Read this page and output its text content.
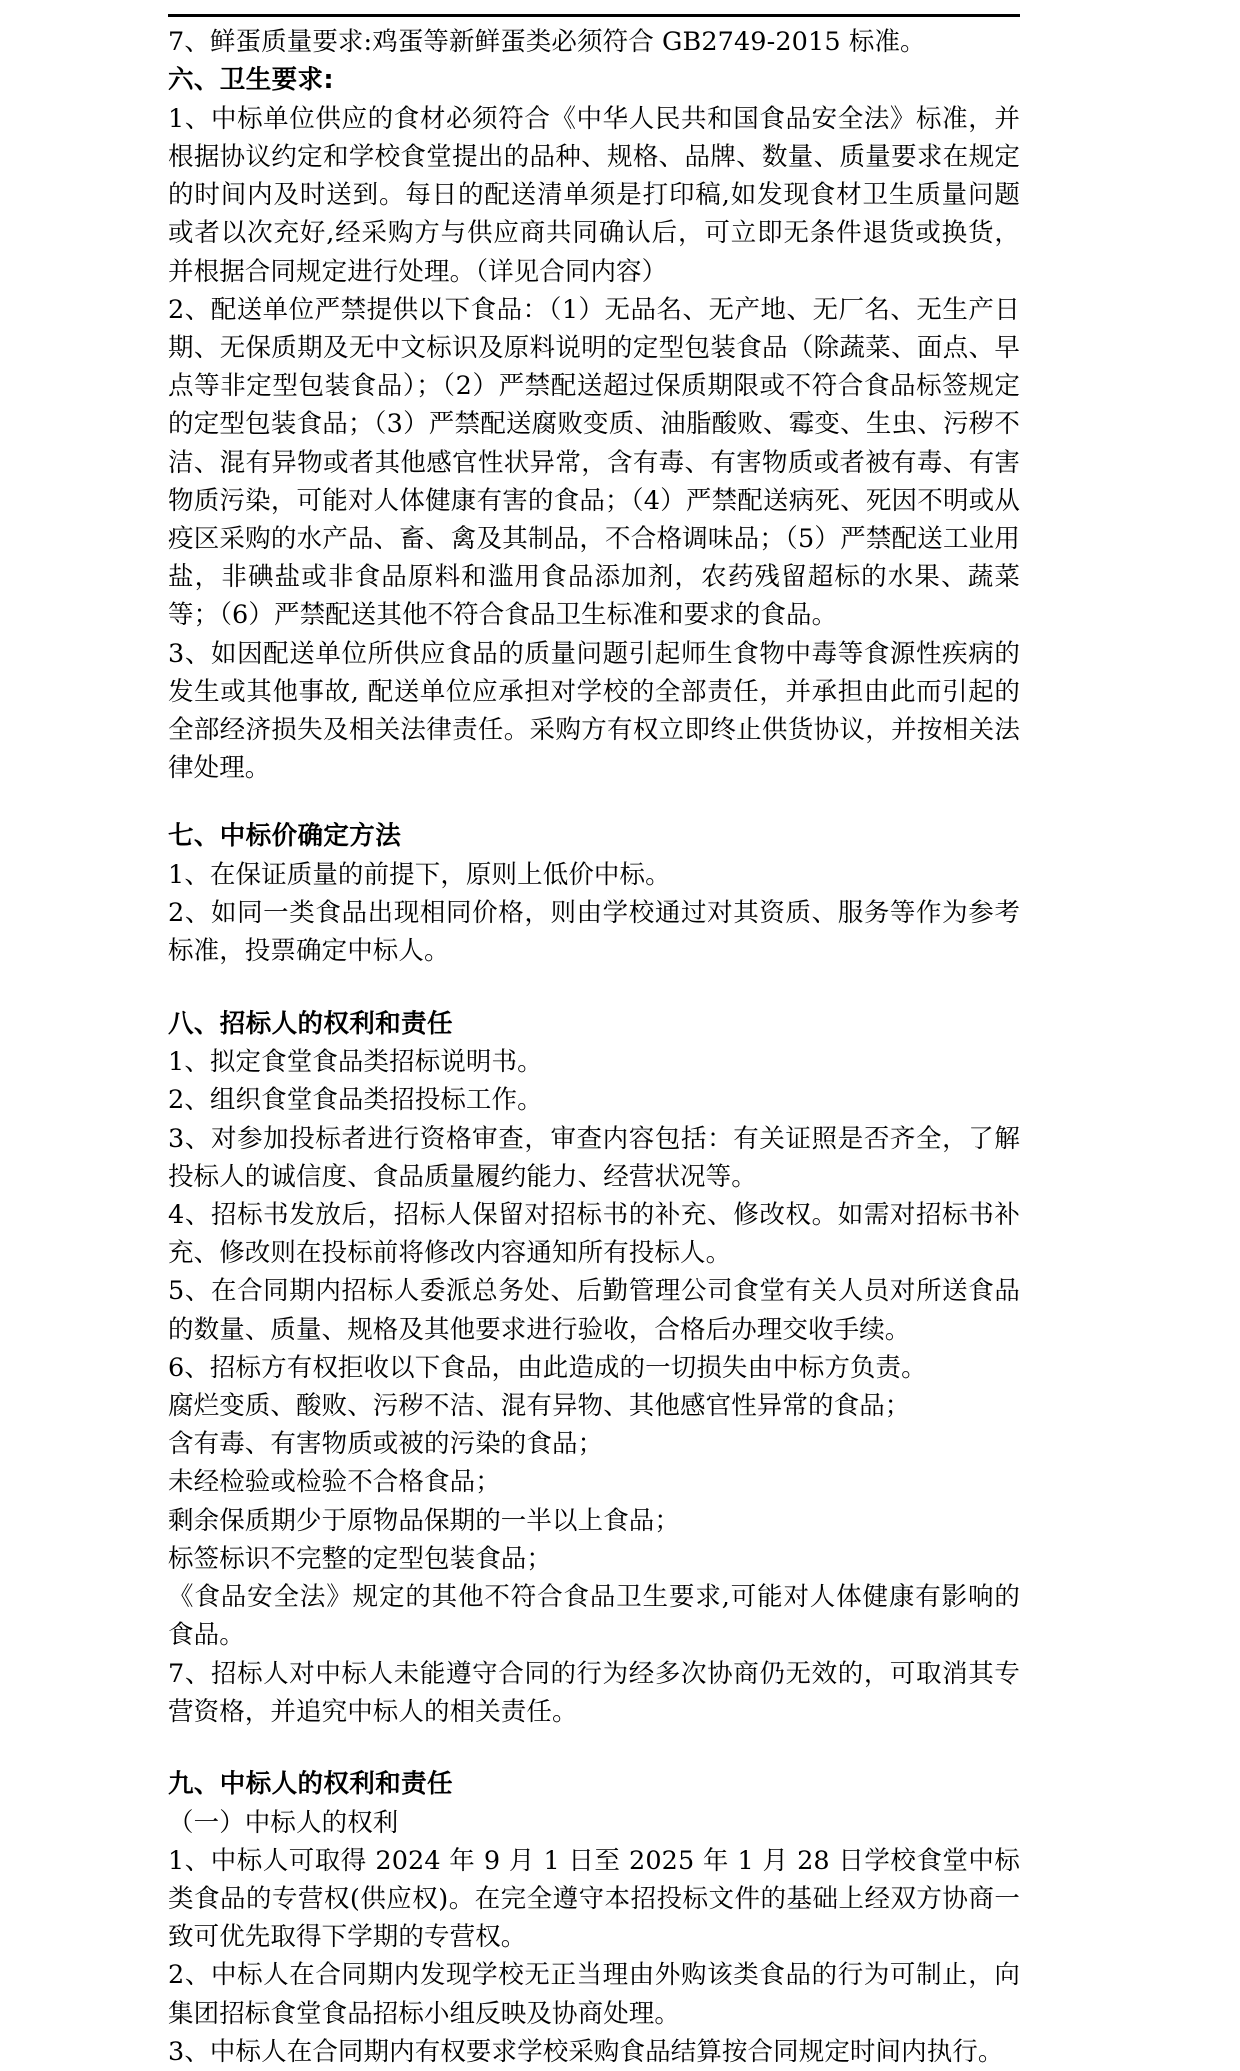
7、鲜蛋质量要求:鸡蛋等新鲜蛋类必须符合 GB2749-2015 标准。

六、卫生要求:

1、中标单位供应的食材必须符合《中华人民共和国食品安全法》标准，并根据协议约定和学校食堂提出的品种、规格、品牌、数量、质量要求在规定的时间内及时送到。每日的配送清单须是打印稿,如发现食材卫生质量问题或者以次充好,经采购方与供应商共同确认后，可立即无条件退货或换货，并根据合同规定进行处理。（详见合同内容）

2、配送单位严禁提供以下食品：（1）无品名、无产地、无厂名、无生产日期、无保质期及无中文标识及原料说明的定型包装食品（除蔬菜、面点、早点等非定型包装食品）；（2）严禁配送超过保质期限或不符合食品标签规定的定型包装食品；（3）严禁配送腐败变质、油脂酸败、霉变、生虫、污秽不洁、混有异物或者其他感官性状异常，含有毒、有害物质或者被有毒、有害物质污染，可能对人体健康有害的食品；（4）严禁配送病死、死因不明或从疫区采购的水产品、畜、禽及其制品，不合格调味品；（5）严禁配送工业用盐，非碘盐或非食品原料和滥用食品添加剂，农药残留超标的水果、蔬菜等；（6）严禁配送其他不符合食品卫生标准和要求的食品。

3、如因配送单位所供应食品的质量问题引起师生食物中毒等食源性疾病的发生或其他事故, 配送单位应承担对学校的全部责任，并承担由此而引起的全部经济损失及相关法律责任。采购方有权立即终止供货协议，并按相关法律处理。

七、中标价确定方法

1、在保证质量的前提下，原则上低价中标。

2、如同一类食品出现相同价格，则由学校通过对其资质、服务等作为参考标准，投票确定中标人。

八、招标人的权利和责任

1、拟定食堂食品类招标说明书。

2、组织食堂食品类招投标工作。

3、对参加投标者进行资格审查，审查内容包括：有关证照是否齐全，了解投标人的诚信度、食品质量履约能力、经营状况等。

4、招标书发放后，招标人保留对招标书的补充、修改权。如需对招标书补充、修改则在投标前将修改内容通知所有投标人。

5、在合同期内招标人委派总务处、后勤管理公司食堂有关人员对所送食品的数量、质量、规格及其他要求进行验收，合格后办理交收手续。

6、招标方有权拒收以下食品，由此造成的一切损失由中标方负责。

腐烂变质、酸败、污秽不洁、混有异物、其他感官性异常的食品；

含有毒、有害物质或被的污染的食品；

未经检验或检验不合格食品；

剩余保质期少于原物品保期的一半以上食品；

标签标识不完整的定型包装食品；

《食品安全法》规定的其他不符合食品卫生要求,可能对人体健康有影响的食品。

7、招标人对中标人未能遵守合同的行为经多次协商仍无效的，可取消其专营资格，并追究中标人的相关责任。

九、中标人的权利和责任

（一）中标人的权利

1、中标人可取得 2024 年 9 月 1 日至 2025 年 1 月 28 日学校食堂中标类食品的专营权(供应权)。在完全遵守本招投标文件的基础上经双方协商一致可优先取得下学期的专营权。

2、中标人在合同期内发现学校无正当理由外购该类食品的行为可制止，向集团招标食堂食品招标小组反映及协商处理。

3、中标人在合同期内有权要求学校采购食品结算按合同规定时间内执行。
